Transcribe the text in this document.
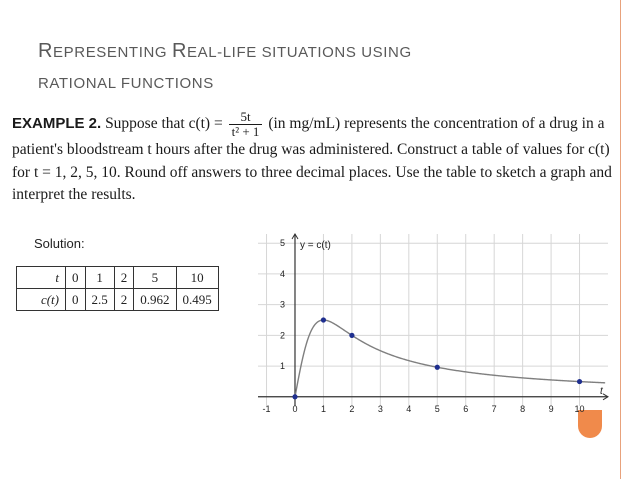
REPRESENTING REAL-LIFE SITUATIONS USING
RATIONAL FUNCTIONS
EXAMPLE 2. Suppose that $c(t) = \frac{5t}{\text{t² + 1}} (in$ mg/mL) represents the concentration of a drug in a patient's bloodstream t hours after the drug was administered. Construct a table of values for c(t) for t = 1, 2, 5, 10. Round off answers to three decimal places. Use the table to sketch a graph and interpret the results.
Solution:
t	0	1	2	5	10
c(t)	0	2.5	2	0.962	0.495
-1 0	1	2	3	4	5	6	7	8	9 10
1
2
3
4
5 y = c(t)
t
